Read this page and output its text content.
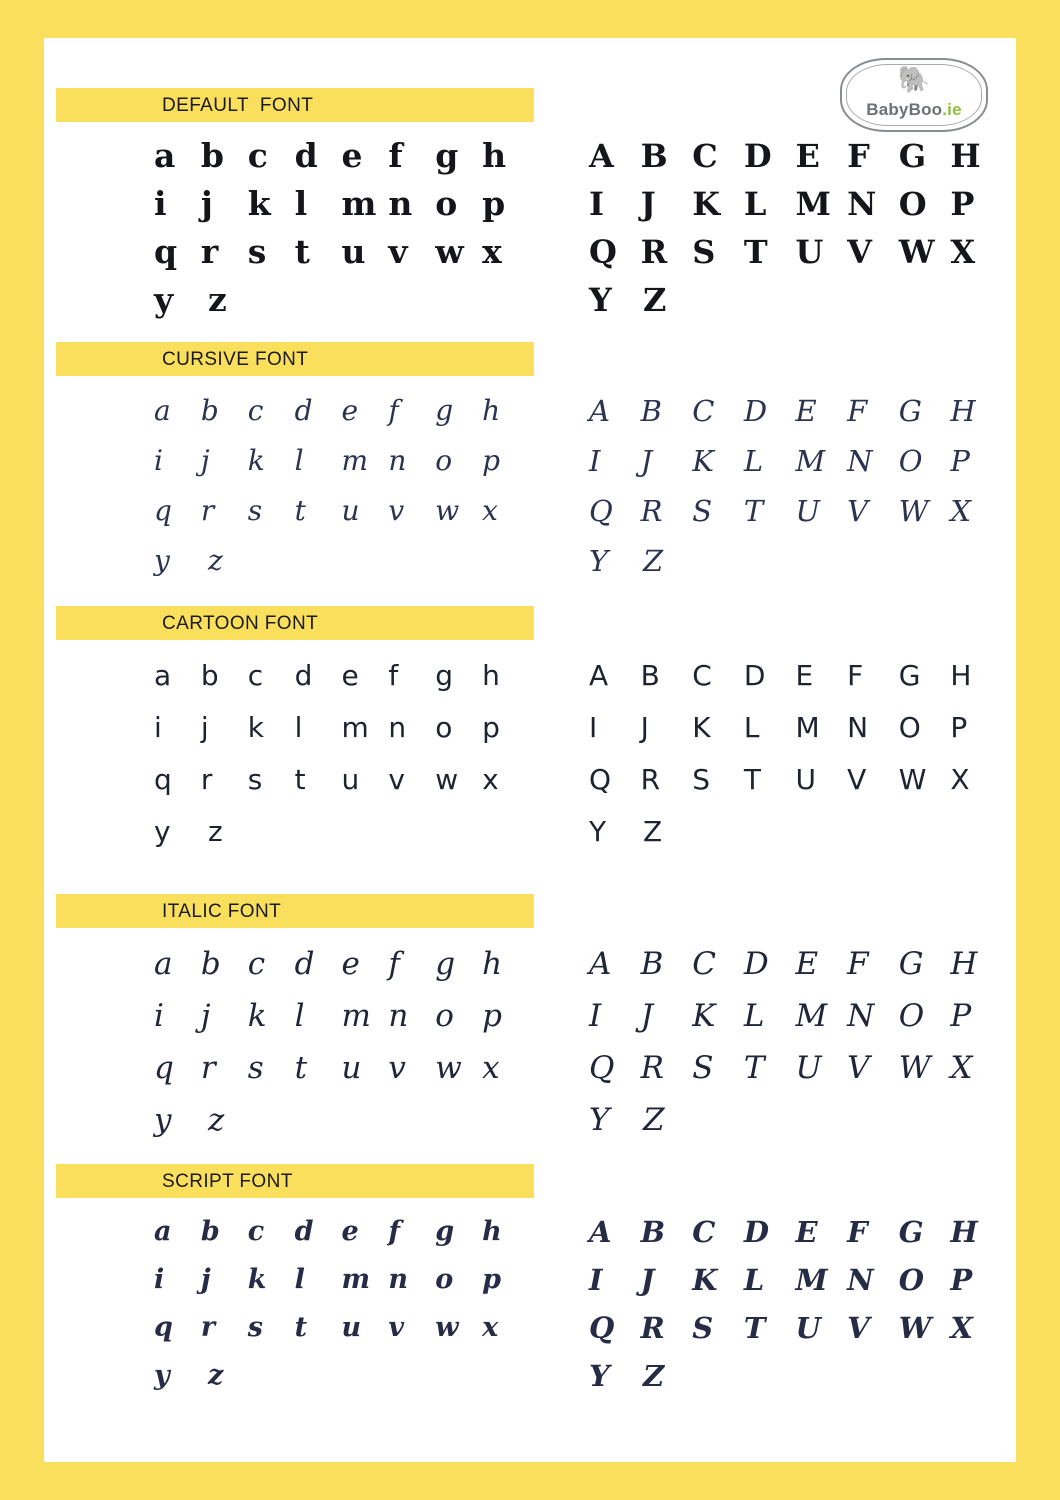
🐘
BabyBoo.ie
DEFAULT  FONT
a b c d e f g h
i	j	k l	m n o p
q r s t u v w x
y	z
A B C D E F G H
I	J	K L M N O P
Q R S T U V W X
Y Z
CURSIVE FONT
a	b	c	d	e	f	g	h
i	j	k	l	m n	o	p
q	r	s	t	u	v	w x
y	z
A	B	C	D E	F	G H
I	J	K	L	M N O P
Q R	S	T	U V	W X
Y	Z
CARTOON FONT
a	b	c	d	e	f	g	h
i	j	k	l	m n	o	p
q	r	s	t	u	v	w x
y	z
A	B	C	D	E	F	G	H
I	J	K	L	M N	O	P
Q	R	S	T	U	V	W X
Y	Z
ITALIC FONT
a b c d e f	g h
i	j	k l	m n o p
q r	s t	u v w x
y	z
A B C D E F G H
I	J	K L	M N O P
Q R S T U V W X
Y	Z
SCRIPT FONT
a	b	c	d	e	f	g	h
i	j	k	l	m n	o	p
q	r	s	t	u	v	w x
y	z
A	B C D E	F	G H
I	J	K L	M N O P
Q R S	T	U V	W X
Y	Z
